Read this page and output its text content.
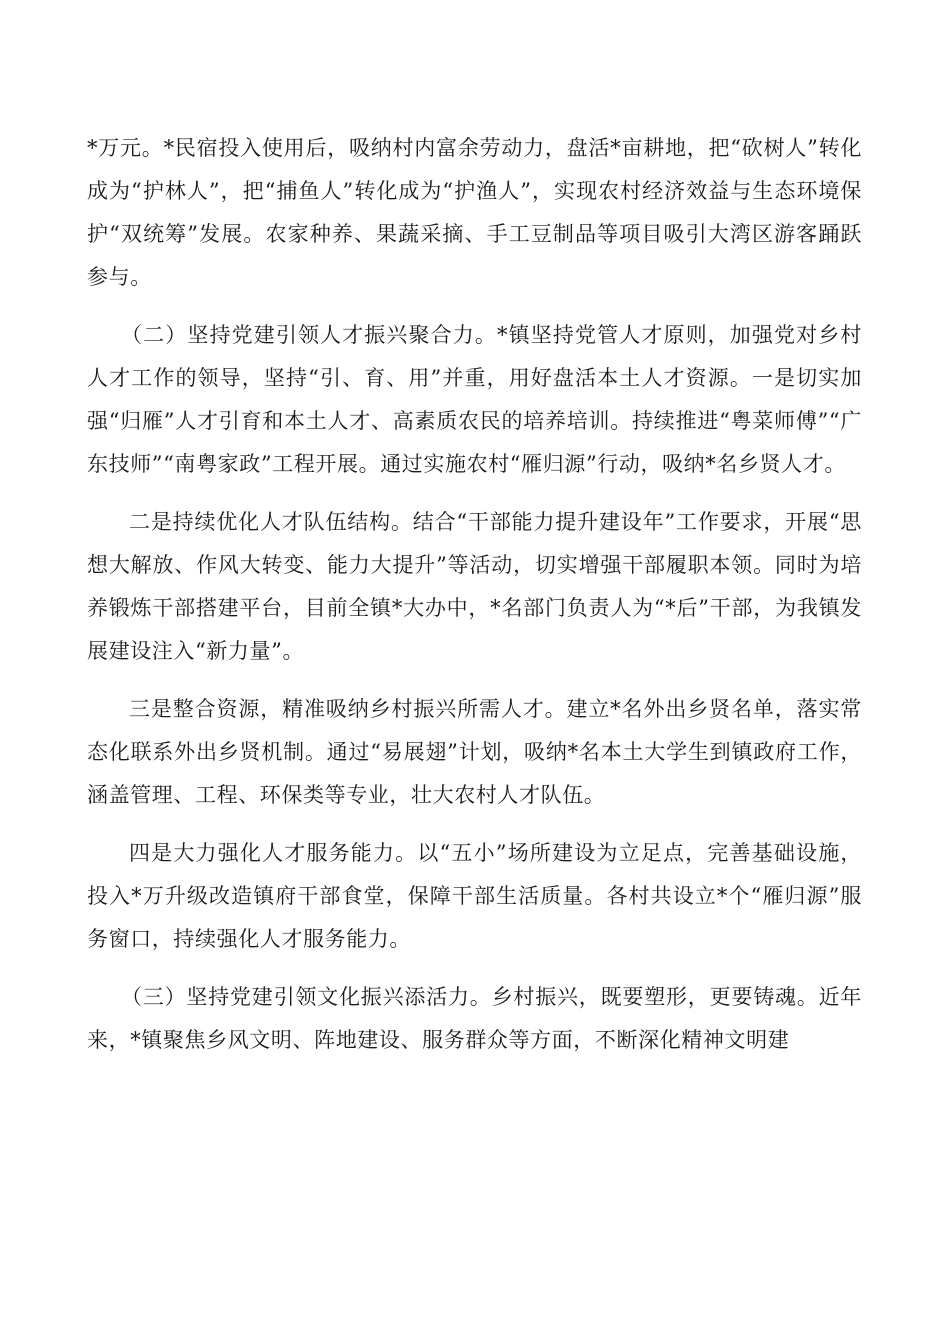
*万元。*民宿投入使用后，吸纳村内富余劳动力，盘活*亩耕地，把“砍树人”转化成为“护林人”，把“捕鱼人”转化成为“护渔人”，实现农村经济效益与生态环境保护“双统筹”发展。农家种养、果蔬采摘、手工豆制品等项目吸引大湾区游客踊跃参与。

（二）坚持党建引领人才振兴聚合力。*镇坚持党管人才原则，加强党对乡村人才工作的领导，坚持“引、育、用”并重，用好盘活本土人才资源。一是切实加强“归雁”人才引育和本土人才、高素质农民的培养培训。持续推进“粤菜师傅”“广东技师”“南粤家政”工程开展。通过实施农村“雁归源”行动，吸纳*名乡贤人才。

二是持续优化人才队伍结构。结合“干部能力提升建设年”工作要求，开展“思想大解放、作风大转变、能力大提升”等活动，切实增强干部履职本领。同时为培养锻炼干部搭建平台，目前全镇*大办中，*名部门负责人为“*后”干部，为我镇发展建设注入“新力量”。

三是整合资源，精准吸纳乡村振兴所需人才。建立*名外出乡贤名单，落实常态化联系外出乡贤机制。通过“易展翅”计划，吸纳*名本土大学生到镇政府工作，涵盖管理、工程、环保类等专业，壮大农村人才队伍。

四是大力强化人才服务能力。以“五小”场所建设为立足点，完善基础设施，投入*万升级改造镇府干部食堂，保障干部生活质量。各村共设立*个“雁归源”服务窗口，持续强化人才服务能力。

（三）坚持党建引领文化振兴添活力。乡村振兴，既要塑形，更要铸魂。近年来，*镇聚焦乡风文明、阵地建设、服务群众等方面，不断深化精神文明建
